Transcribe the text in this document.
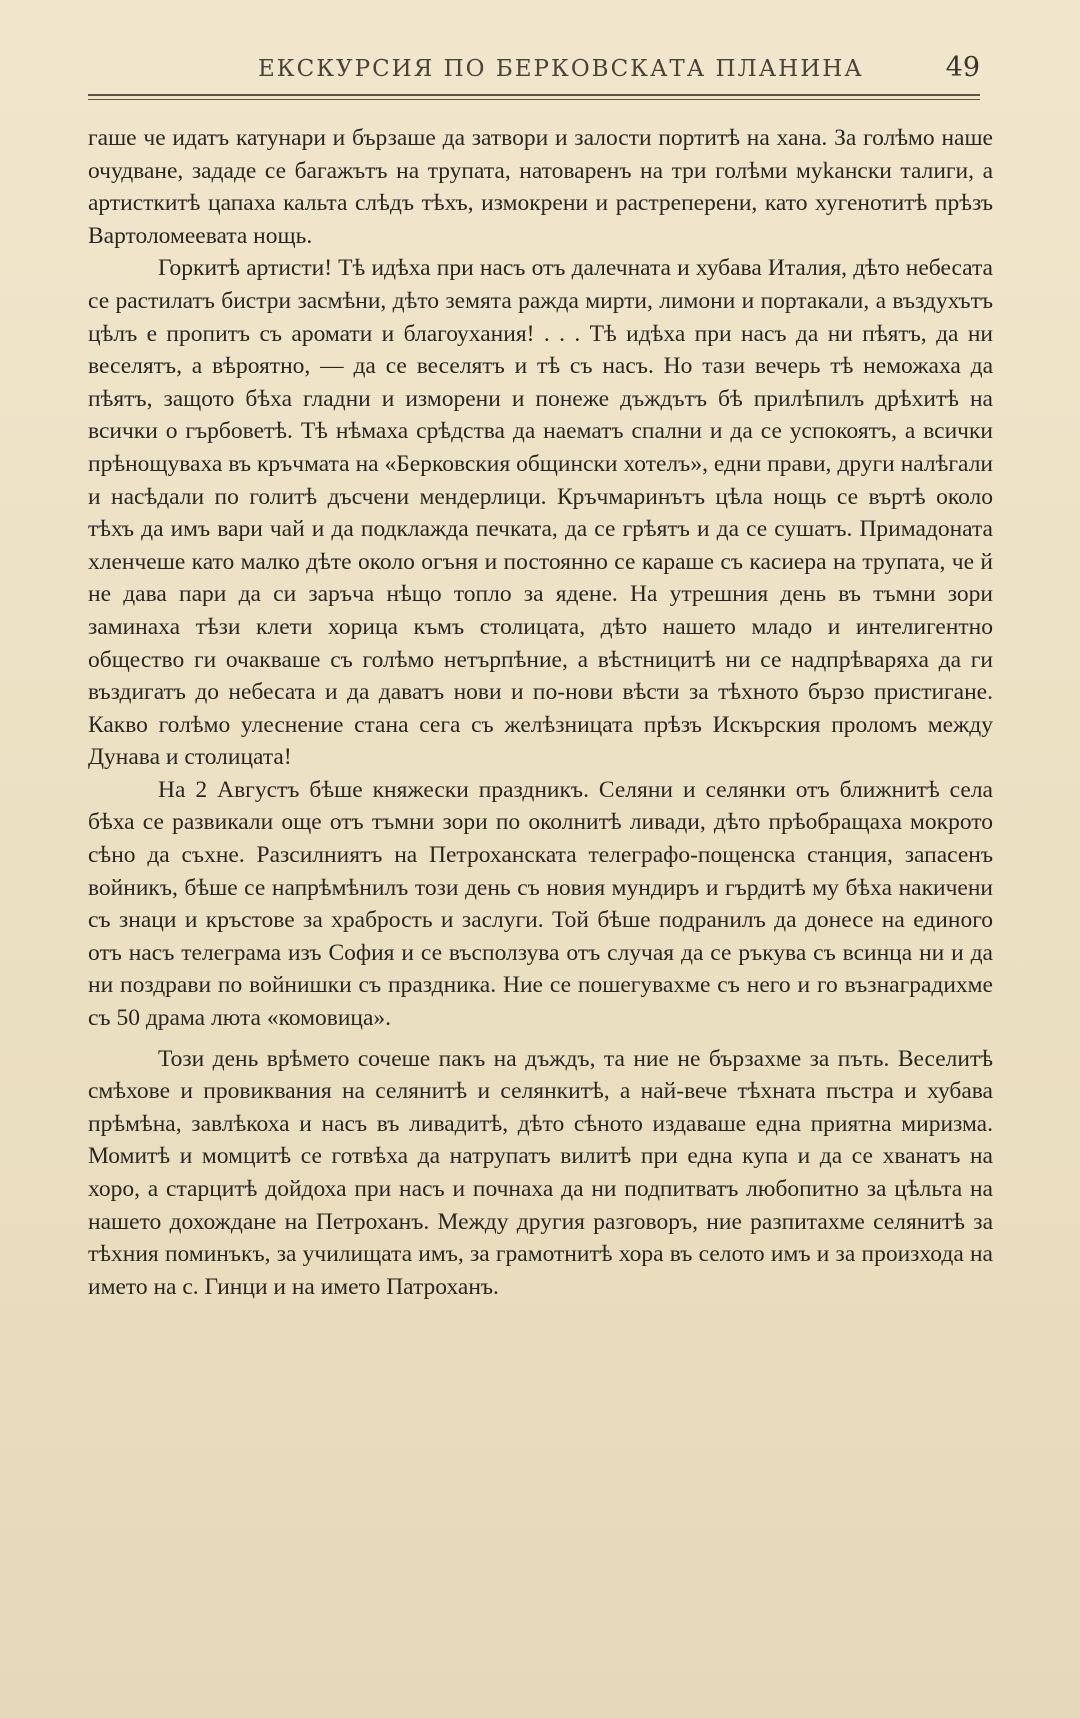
ЕКСКУРСИЯ ПО БЕРКОВСКАТА ПЛАНИНА	49

гаше че идатъ катунари и бързаше да затвори и залости портитѣ на хана. За голѣмо наше очудване, зададе се багажътъ на трупата, натоваренъ на три голѣми муkански талиги, а артисткитѣ цапаха кальта слѣдъ тѣхъ, измокрени и растреперени, като хугенотитѣ прѣзъ Вартоломеевата нощь.

Горкитѣ артисти! Тѣ идѣха при насъ отъ далечната и хубава Италия, дѣто небесата се растилатъ бистри засмѣни, дѣто земята ражда мирти, лимони и портакали, а въздухътъ цѣлъ е пропитъ съ аромати и благоухания! . . . Тѣ идѣха при насъ да ни пѣятъ, да ни веселятъ, а вѣроятно, — да се веселятъ и тѣ съ насъ. Но тази вечерь тѣ неможаха да пѣятъ, защото бѣха гладни и изморени и понеже дъждътъ бѣ прилѣпилъ дрѣхитѣ на всички о гърбоветѣ. Тѣ нѣмаха срѣдства да наематъ спални и да се успокоятъ, а всички прѣнощуваха въ кръчмата на «Берковския общински хотелъ», едни прави, други налѣгали и насѣдали по голитѣ дъсчени мендерлици. Кръчмаринътъ цѣла нощь се въртѣ около тѣхъ да имъ вари чай и да подклажда печката, да се грѣятъ и да се сушатъ. Примадоната хленчеше като малко дѣте около огъня и постоянно се караше съ касиера на трупата, че й не дава пари да си заръча нѣщо топло за ядене. На утрешния день въ тъмни зори заминаха тѣзи клети хорица къмъ столицата, дѣто нашето младо и интелигентно общество ги очакваше съ голѣмо нетърпѣние, а вѣстницитѣ ни се надпрѣваряха да ги въздигатъ до небесата и да даватъ нови и по-нови вѣсти за тѣхното бързо пристигане. Какво голѣмо улеснение стана сега съ желѣзницата прѣзъ Искърския проломъ между Дунава и столицата!

На 2 Августъ бѣше княжески праздникъ. Селяни и селянки отъ ближнитѣ села бѣха се развикали още отъ тъмни зори по околнитѣ ливади, дѣто прѣобращаха мокрото сѣно да съхне. Разсилниятъ на Петроханската телеграфо-пощенска станция, запасенъ войникъ, бѣше се напрѣмѣнилъ този день съ новия мундиръ и гърдитѣ му бѣха накичени съ знаци и кръстове за храбрость и заслуги. Той бѣше подранилъ да донесе на единого отъ насъ телеграма изъ София и се въсползува отъ случая да се ръкува съ всинца ни и да ни поздрави по войнишки съ праздника. Ние се пошегувахме съ него и го възнаградихме съ 50 драма люта «комовица».

Този день врѣмето сочеше пакъ на дъждъ, та ние не бързахме за пъть. Веселитѣ смѣхове и провиквания на селянитѣ и селянкитѣ, а най-вече тѣхната пъстра и хубава прѣмѣна, завлѣкоха и насъ въ ливадитѣ, дѣто сѣното издаваше една приятна миризма. Момитѣ и момцитѣ се готвѣха да натрупатъ вилитѣ при една купа и да се хванатъ на хоро, а старцитѣ дойдоха при насъ и почнаха да ни подпитватъ любопитно за цѣльта на нашето дохождане на Петроханъ. Между другия разговоръ, ние разпитахме селянитѣ за тѣхния поминъкъ, за училищата имъ, за грамотнитѣ хора въ селото имъ и за произхода на името на с. Гинци и на името Патроханъ.
